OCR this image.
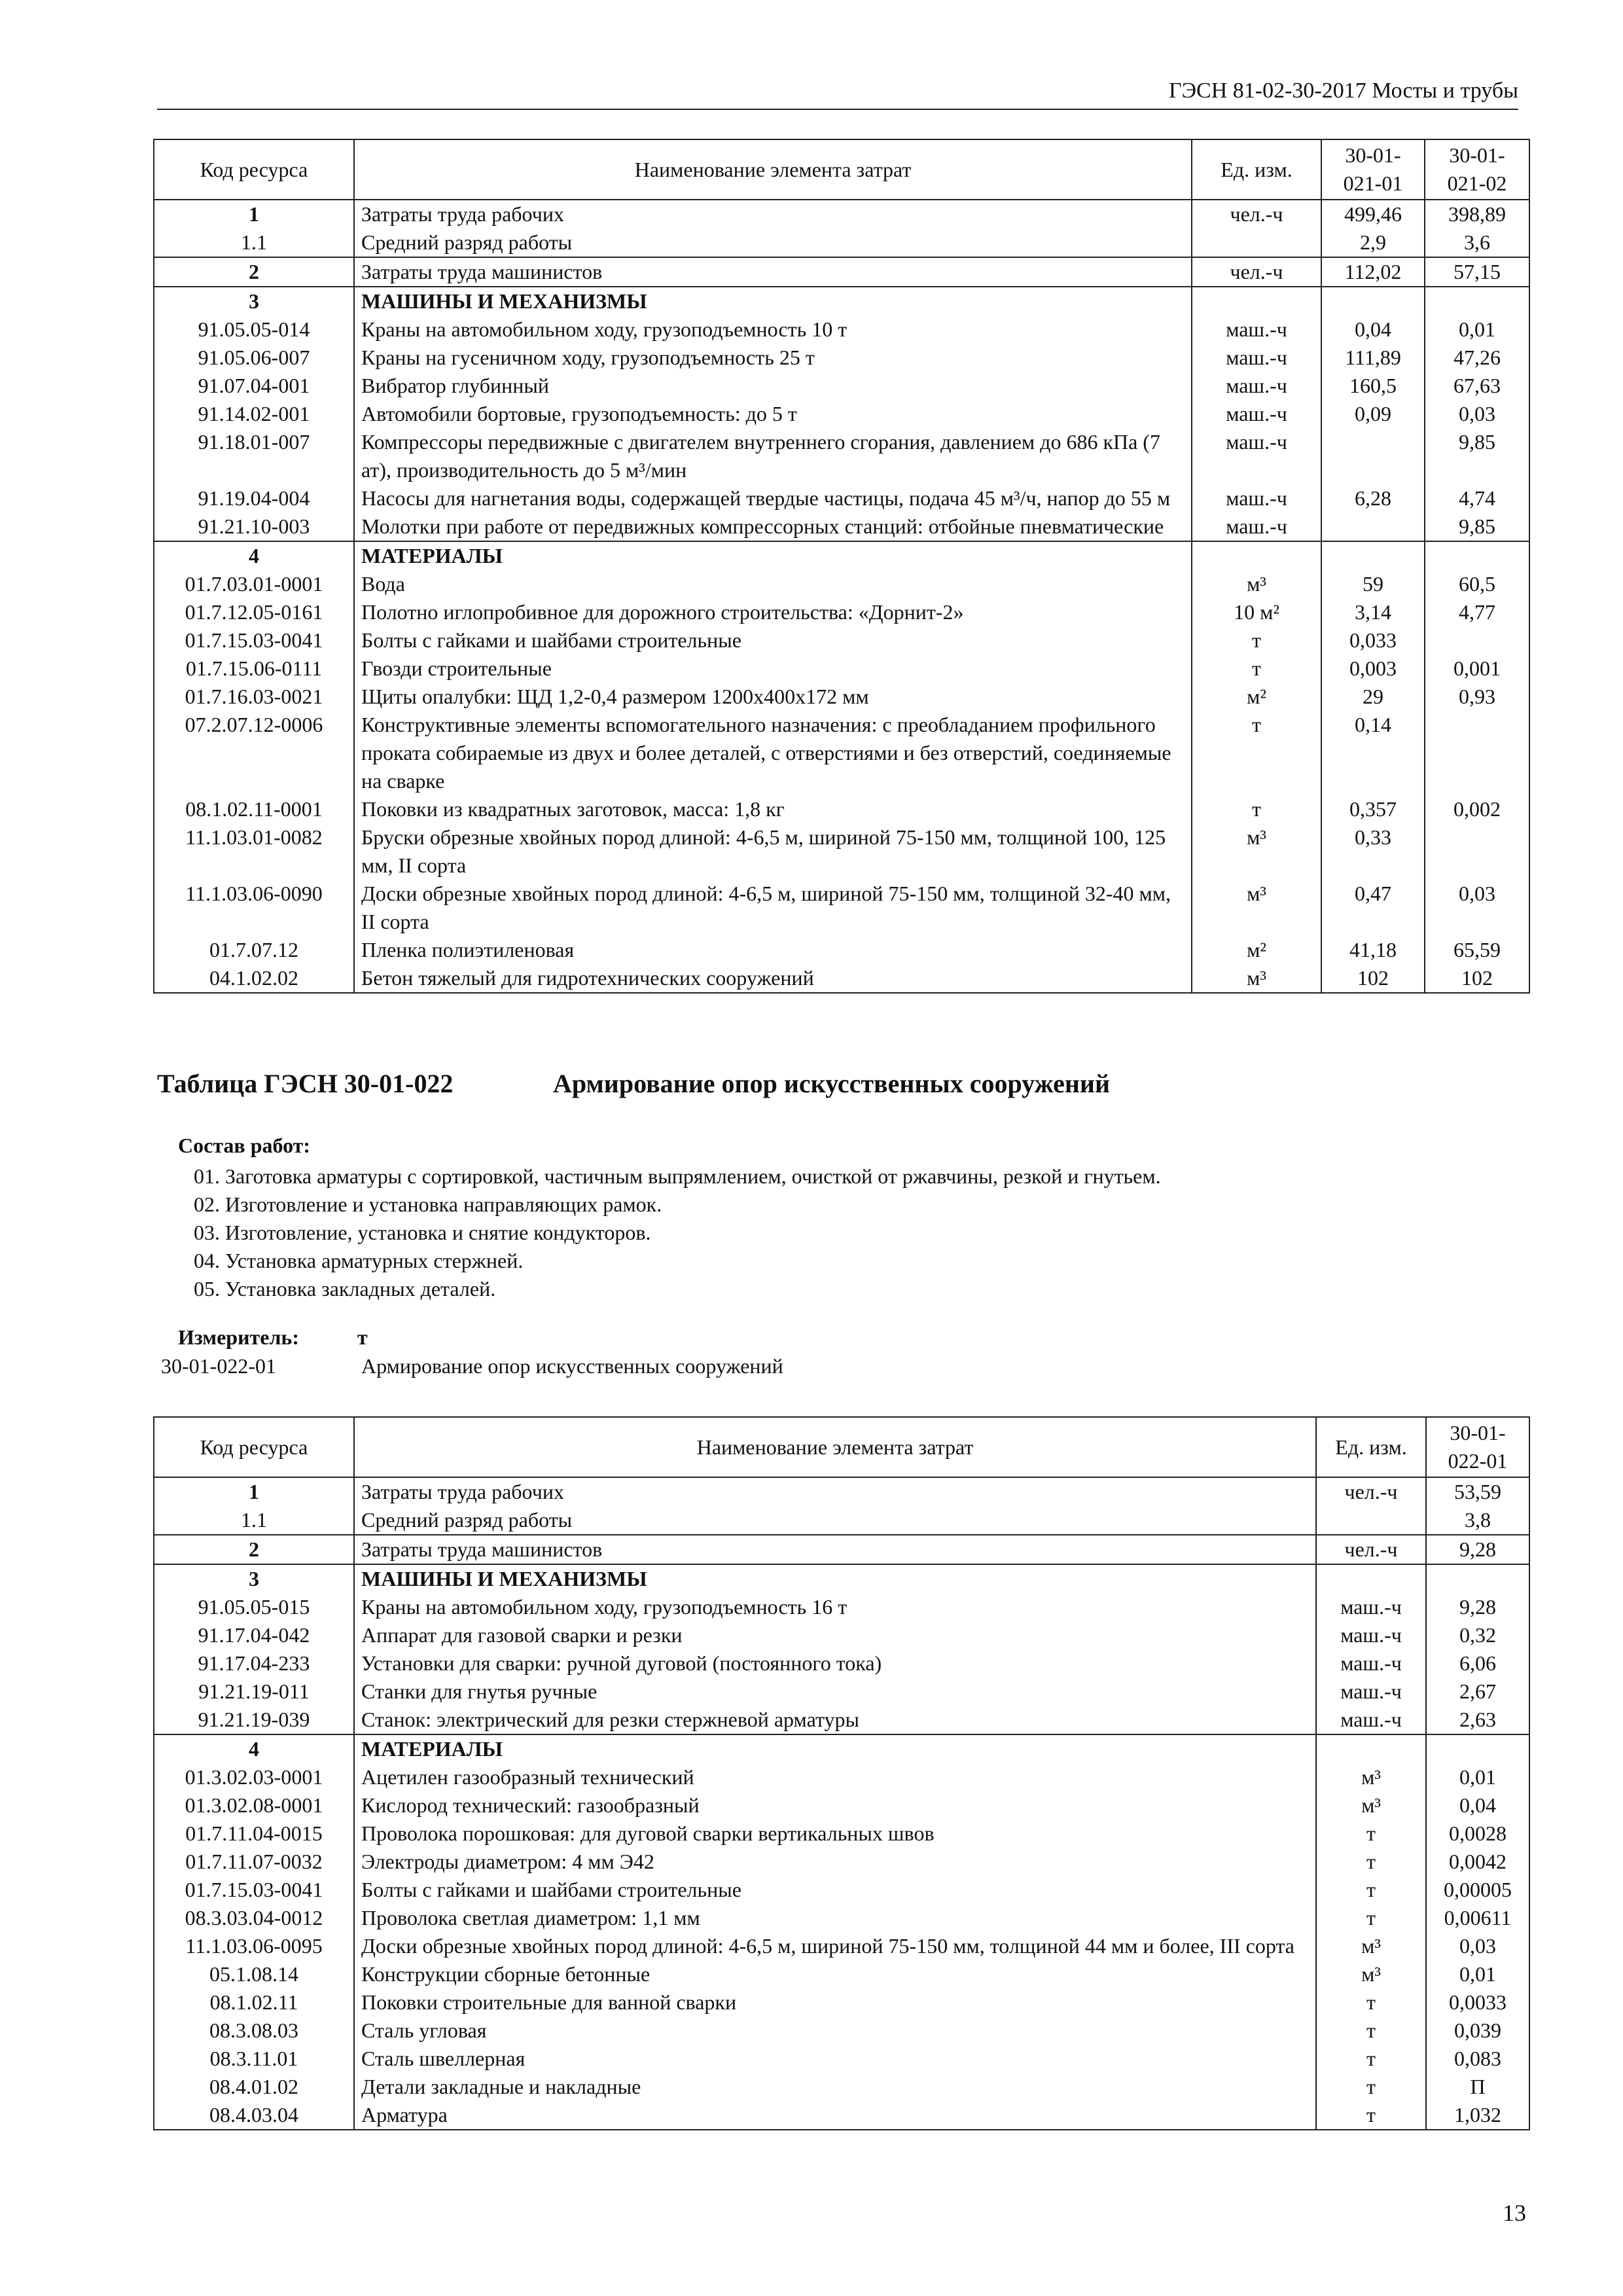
ГЭСН 81-02-30-2017 Мосты и трубы
Код ресурса	Наименование элемента затрат	Ед. изм.	30-01-021-01	30-01-021-02
1	Затраты труда рабочих	чел.-ч	499,46	398,89
1.1	Средний разряд работы		2,9	3,6
2	Затраты труда машинистов	чел.-ч	112,02	57,15
3	МАШИНЫ И МЕХАНИЗМЫ			
91.05.05-014	Краны на автомобильном ходу, грузоподъемность 10 т	маш.-ч	0,04	0,01
91.05.06-007	Краны на гусеничном ходу, грузоподъемность 25 т	маш.-ч	111,89	47,26
91.07.04-001	Вибратор глубинный	маш.-ч	160,5	67,63
91.14.02-001	Автомобили бортовые, грузоподъемность: до 5 т	маш.-ч	0,09	0,03
91.18.01-007	Компрессоры передвижные с двигателем внутреннего сгорания, давлением до 686 кПа (7 ат), производительность до 5 м³/мин	маш.-ч		9,85
91.19.04-004	Насосы для нагнетания воды, содержащей твердые частицы, подача 45 м³/ч, напор до 55 м	маш.-ч	6,28	4,74
91.21.10-003	Молотки при работе от передвижных компрессорных станций: отбойные пневматические	маш.-ч		9,85
4	МАТЕРИАЛЫ			
01.7.03.01-0001	Вода	м³	59	60,5
01.7.12.05-0161	Полотно иглопробивное для дорожного строительства: «Дорнит-2»	10 м²	3,14	4,77
01.7.15.03-0041	Болты с гайками и шайбами строительные	т	0,033	
01.7.15.06-0111	Гвозди строительные	т	0,003	0,001
01.7.16.03-0021	Щиты опалубки: ЩД 1,2-0,4 размером 1200х400х172 мм	м²	29	0,93
07.2.07.12-0006	Конструктивные элементы вспомогательного назначения: с преобладанием профильного проката собираемые из двух и более деталей, с отверстиями и без отверстий, соединяемые на сварке	т	0,14	
08.1.02.11-0001	Поковки из квадратных заготовок, масса: 1,8 кг	т	0,357	0,002
11.1.03.01-0082	Бруски обрезные хвойных пород длиной: 4-6,5 м, шириной 75-150 мм, толщиной 100, 125 мм, II сорта	м³	0,33	
11.1.03.06-0090	Доски обрезные хвойных пород длиной: 4-6,5 м, шириной 75-150 мм, толщиной 32-40 мм, II сорта	м³	0,47	0,03
01.7.07.12	Пленка полиэтиленовая	м²	41,18	65,59
04.1.02.02	Бетон тяжелый для гидротехнических сооружений	м³	102	102
Таблица ГЭСН 30-01-022	Армирование опор искусственных сооружений
Состав работ:
01. Заготовка арматуры с сортировкой, частичным выпрямлением, очисткой от ржавчины, резкой и гнутьем.
02. Изготовление и установка направляющих рамок.
03. Изготовление, установка и снятие кондукторов.
04. Установка арматурных стержней.
05. Установка закладных деталей.
Измеритель:	т
30-01-022-01	Армирование опор искусственных сооружений
Код ресурса	Наименование элемента затрат	Ед. изм.	30-01-022-01
1	Затраты труда рабочих	чел.-ч	53,59
1.1	Средний разряд работы		3,8
2	Затраты труда машинистов	чел.-ч	9,28
3	МАШИНЫ И МЕХАНИЗМЫ		
91.05.05-015	Краны на автомобильном ходу, грузоподъемность 16 т	маш.-ч	9,28
91.17.04-042	Аппарат для газовой сварки и резки	маш.-ч	0,32
91.17.04-233	Установки для сварки: ручной дуговой (постоянного тока)	маш.-ч	6,06
91.21.19-011	Станки для гнутья ручные	маш.-ч	2,67
91.21.19-039	Станок: электрический для резки стержневой арматуры	маш.-ч	2,63
4	МАТЕРИАЛЫ		
01.3.02.03-0001	Ацетилен газообразный технический	м³	0,01
01.3.02.08-0001	Кислород технический: газообразный	м³	0,04
01.7.11.04-0015	Проволока порошковая: для дуговой сварки вертикальных швов	т	0,0028
01.7.11.07-0032	Электроды диаметром: 4 мм Э42	т	0,0042
01.7.15.03-0041	Болты с гайками и шайбами строительные	т	0,00005
08.3.03.04-0012	Проволока светлая диаметром: 1,1 мм	т	0,00611
11.1.03.06-0095	Доски обрезные хвойных пород длиной: 4-6,5 м, шириной 75-150 мм, толщиной 44 мм и более, III сорта	м³	0,03
05.1.08.14	Конструкции сборные бетонные	м³	0,01
08.1.02.11	Поковки строительные для ванной сварки	т	0,0033
08.3.08.03	Сталь угловая	т	0,039
08.3.11.01	Сталь швеллерная	т	0,083
08.4.01.02	Детали закладные и накладные	т	П
08.4.03.04	Арматура	т	1,032
13
